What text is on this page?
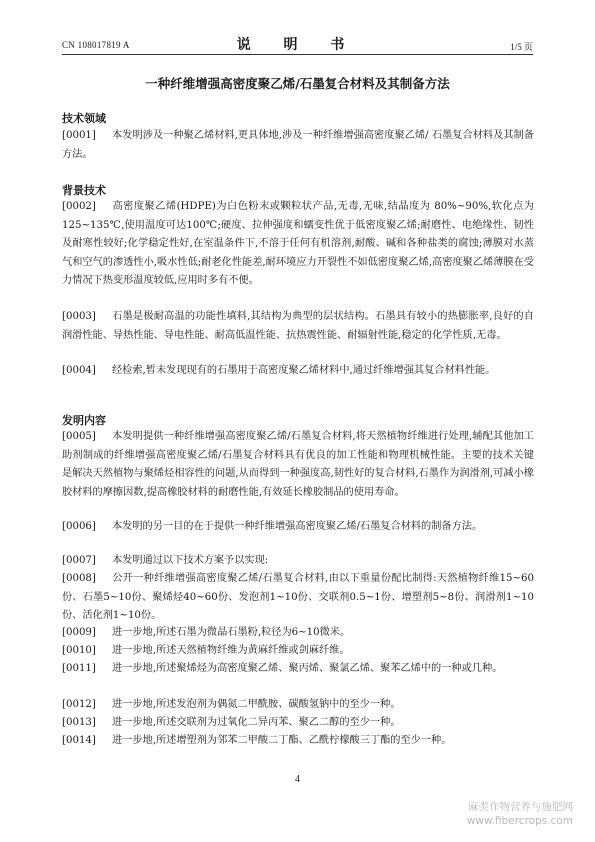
CN 108017819 A	说 明 书	1/5 页
一种纤维增强高密度聚乙烯/石墨复合材料及其制备方法
技术领域
[0001] 本发明涉及一种聚乙烯材料,更具体地,涉及一种纤维增强高密度聚乙烯/ 石墨复合材料及其制备方法。
背景技术
[0002] 高密度聚乙烯(HDPE)为白色粉末或颗粒状产品,无毒,无味,结晶度为 80%~90%,软化点为125~135℃,使用温度可达100℃;硬度、拉伸强度和蠕变性优于低密度聚乙烯;耐磨性、电绝缘性、韧性及耐寒性较好;化学稳定性好,在室温条件下,不溶于任何有机溶剂,耐酸、碱和各种盐类的腐蚀;薄膜对水蒸气和空气的渗透性小,吸水性低;耐老化性能差,耐环境应力开裂性不如低密度聚乙烯,高密度聚乙烯薄膜在受力情况下热变形温度较低,应用时多有不便。
[0003] 石墨是极耐高温的功能性填料,其结构为典型的层状结构。石墨具有较小的热膨胀率,良好的自润滑性能、导热性能、导电性能、耐高低温性能、抗热震性能、耐辐射性能,稳定的化学性质,无毒。
[0004] 经检索,暂未发现现有的石墨用于高密度聚乙烯材料中,通过纤维增强其复合材料性能。
发明内容
[0005] 本发明提供一种纤维增强高密度聚乙烯/石墨复合材料,将天然植物纤维进行处理,辅配其他加工助剂制成的纤维增强高密度聚乙烯/石墨复合材料具有优良的加工性能和物理机械性能。主要的技术关键是解决天然植物与聚烯烃相容性的问题,从而得到一种强度高,韧性好的复合材料,石墨作为润滑剂,可减小橡胶材料的摩擦因数,提高橡胶材料的耐磨性能,有效延长橡胶制品的使用寿命。
[0006] 本发明的另一目的在于提供一种纤维增强高密度聚乙烯/石墨复合材料的制备方法。
[0007] 本发明通过以下技术方案予以实现:
[0008] 公开一种纤维增强高密度聚乙烯/石墨复合材料,由以下重量份配比制得:天然植物纤维15~60份、石墨5~10份、聚烯烃40~60份、发泡剂1~10份、交联剂0.5~1份、增塑剂5~8份、润滑剂1~10份、活化剂1~10份。
[0009] 进一步地,所述石墨为微晶石墨粉,粒径为6~10微米。
[0010] 进一步地,所述天然植物纤维为黄麻纤维或剑麻纤维。
[0011] 进一步地,所述聚烯烃为高密度聚乙烯、聚丙烯、聚氯乙烯、聚苯乙烯中的一种或几种。
[0012] 进一步地,所述发泡剂为偶氮二甲酰胺、碳酸氢钠中的至少一种。
[0013] 进一步地,所述交联剂为过氧化二异丙苯、聚乙二醇的至少一种。
[0014] 进一步地,所述增塑剂为邻苯二甲酸二丁酯、乙酰柠檬酸三丁酯的至少一种。
4
麻类作物营养与施肥网
www.fibercrops.com
